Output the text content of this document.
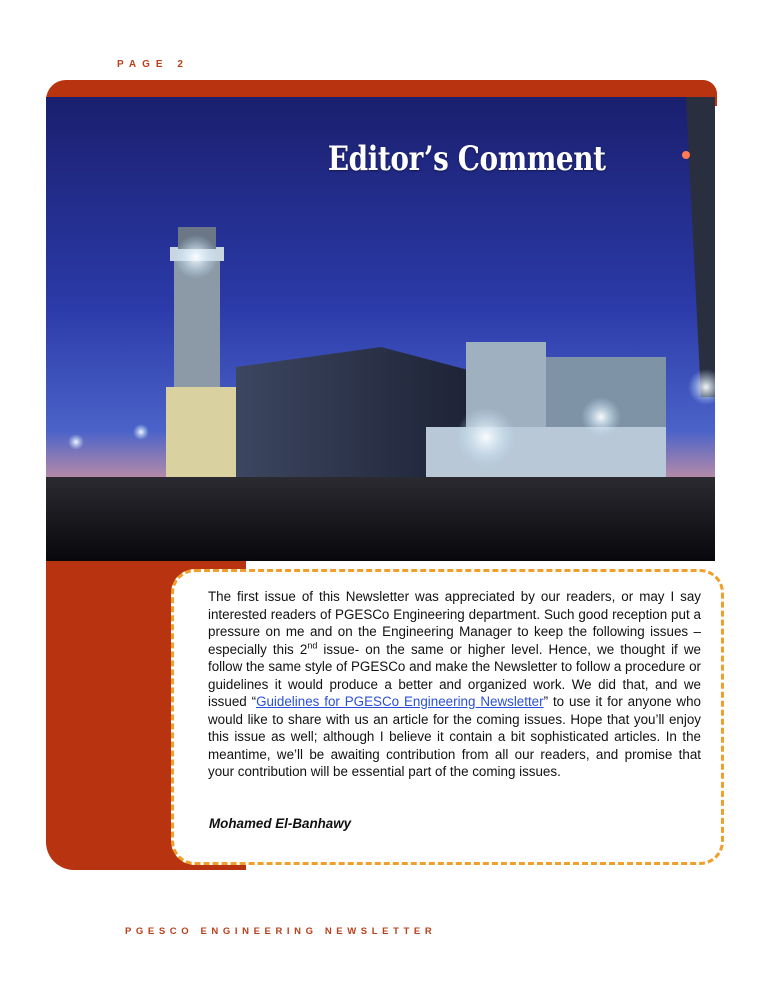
PAGE 2
Editor’s Comment

The first issue of this Newsletter was appreciated by our readers, or may I say interested readers of PGESCo Engineering department. Such good reception put a pressure on me and on the Engineering Manager to keep the following issues – especially this 2nd issue- on the same or higher level. Hence, we thought if we follow the same style of PGESCo and make the Newsletter to follow a procedure or guidelines it would produce a better and organized work. We did that, and we issued “Guidelines for PGESCo Engineering Newsletter” to use it for anyone who would like to share with us an article for the coming issues. Hope that you’ll enjoy this issue as well; although I believe it contain a bit sophisticated articles. In the meantime, we’ll be awaiting contribution from all our readers, and promise that your contribution will be essential part of the coming issues.

Mohamed El-Banhawy
PGESCO ENGINEERING NEWSLETTER
